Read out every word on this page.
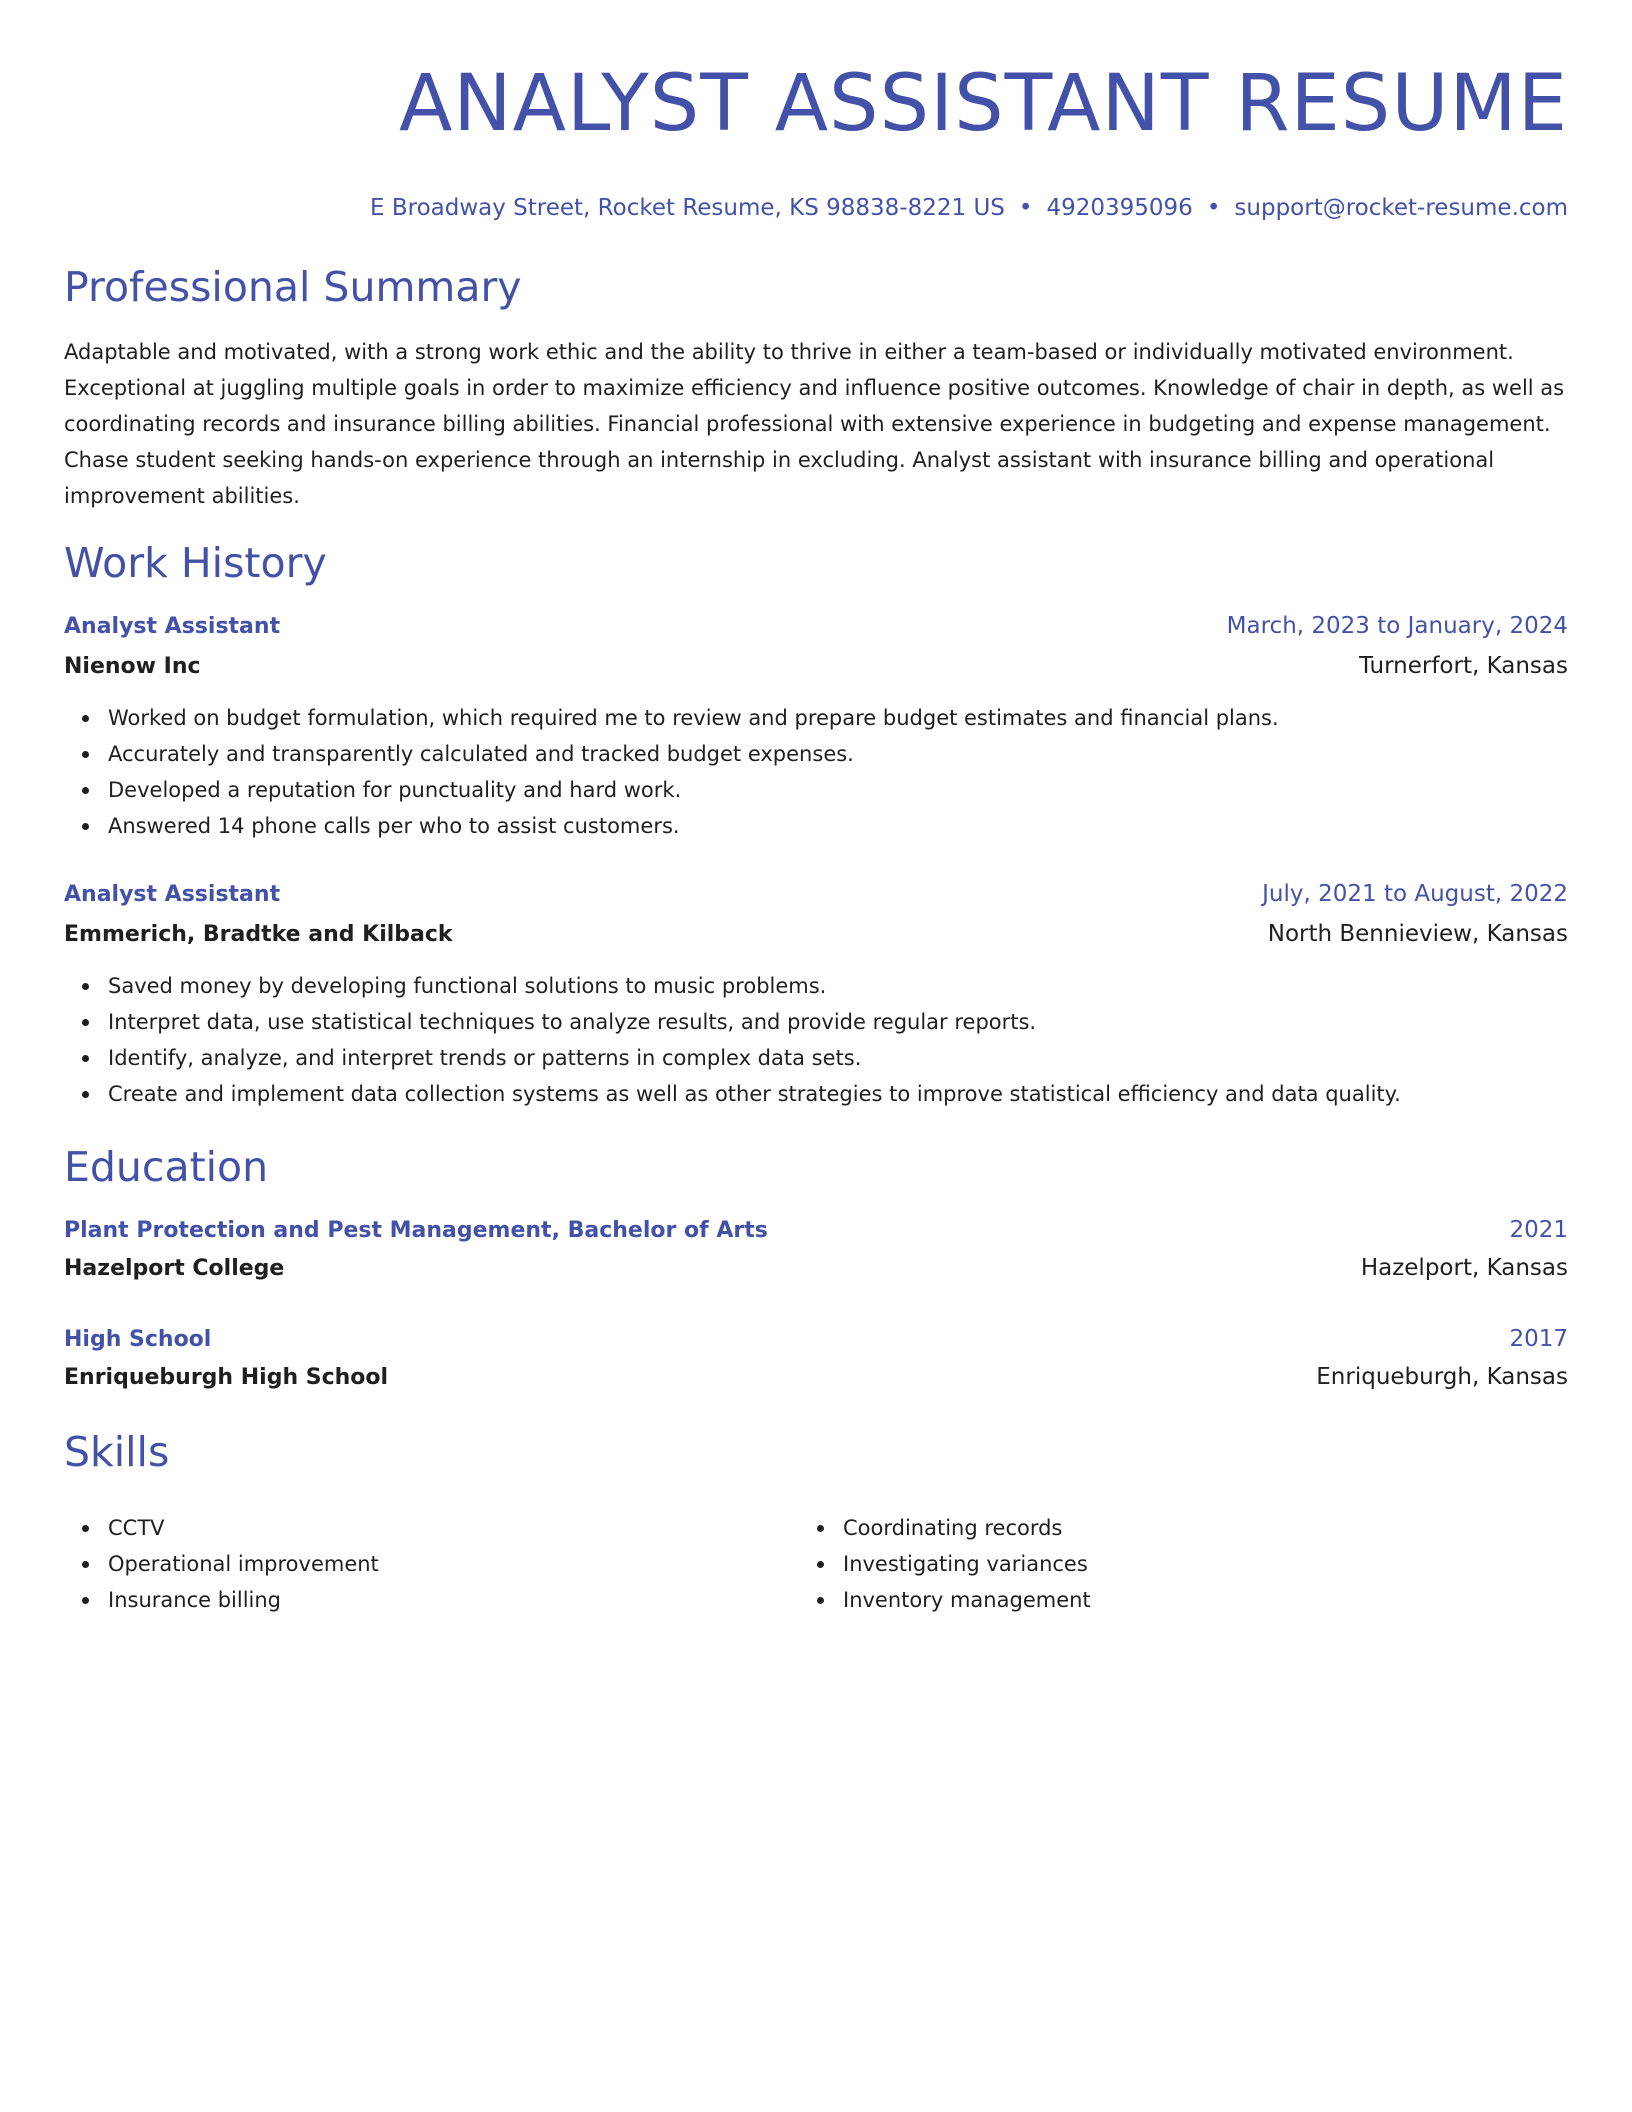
ANALYST ASSISTANT RESUME
E Broadway Street, Rocket Resume, KS 98838-8221 US • 4920395096 • support@rocket-resume.com
Professional Summary

Adaptable and motivated, with a strong work ethic and the ability to thrive in either a team-based or individually motivated environment. Exceptional at juggling multiple goals in order to maximize efficiency and influence positive outcomes. Knowledge of chair in depth, as well as coordinating records and insurance billing abilities. Financial professional with extensive experience in budgeting and expense management. Chase student seeking hands-on experience through an internship in excluding. Analyst assistant with insurance billing and operational improvement abilities.

Work History
Analyst Assistant	March, 2023 to January, 2024
Nienow Inc	Turnerfort, Kansas
Worked on budget formulation, which required me to review and prepare budget estimates and financial plans.
Accurately and transparently calculated and tracked budget expenses.
Developed a reputation for punctuality and hard work.
Answered 14 phone calls per who to assist customers.
Analyst Assistant	July, 2021 to August, 2022
Emmerich, Bradtke and Kilback	North Bennieview, Kansas
Saved money by developing functional solutions to music problems.
Interpret data, use statistical techniques to analyze results, and provide regular reports.
Identify, analyze, and interpret trends or patterns in complex data sets.
Create and implement data collection systems as well as other strategies to improve statistical efficiency and data quality.
Education
Plant Protection and Pest Management, Bachelor of Arts	2021
Hazelport College	Hazelport, Kansas
High School	2017
Enriqueburgh High School	Enriqueburgh, Kansas
Skills
CCTV
Operational improvement
Insurance billing
Coordinating records
Investigating variances
Inventory management
